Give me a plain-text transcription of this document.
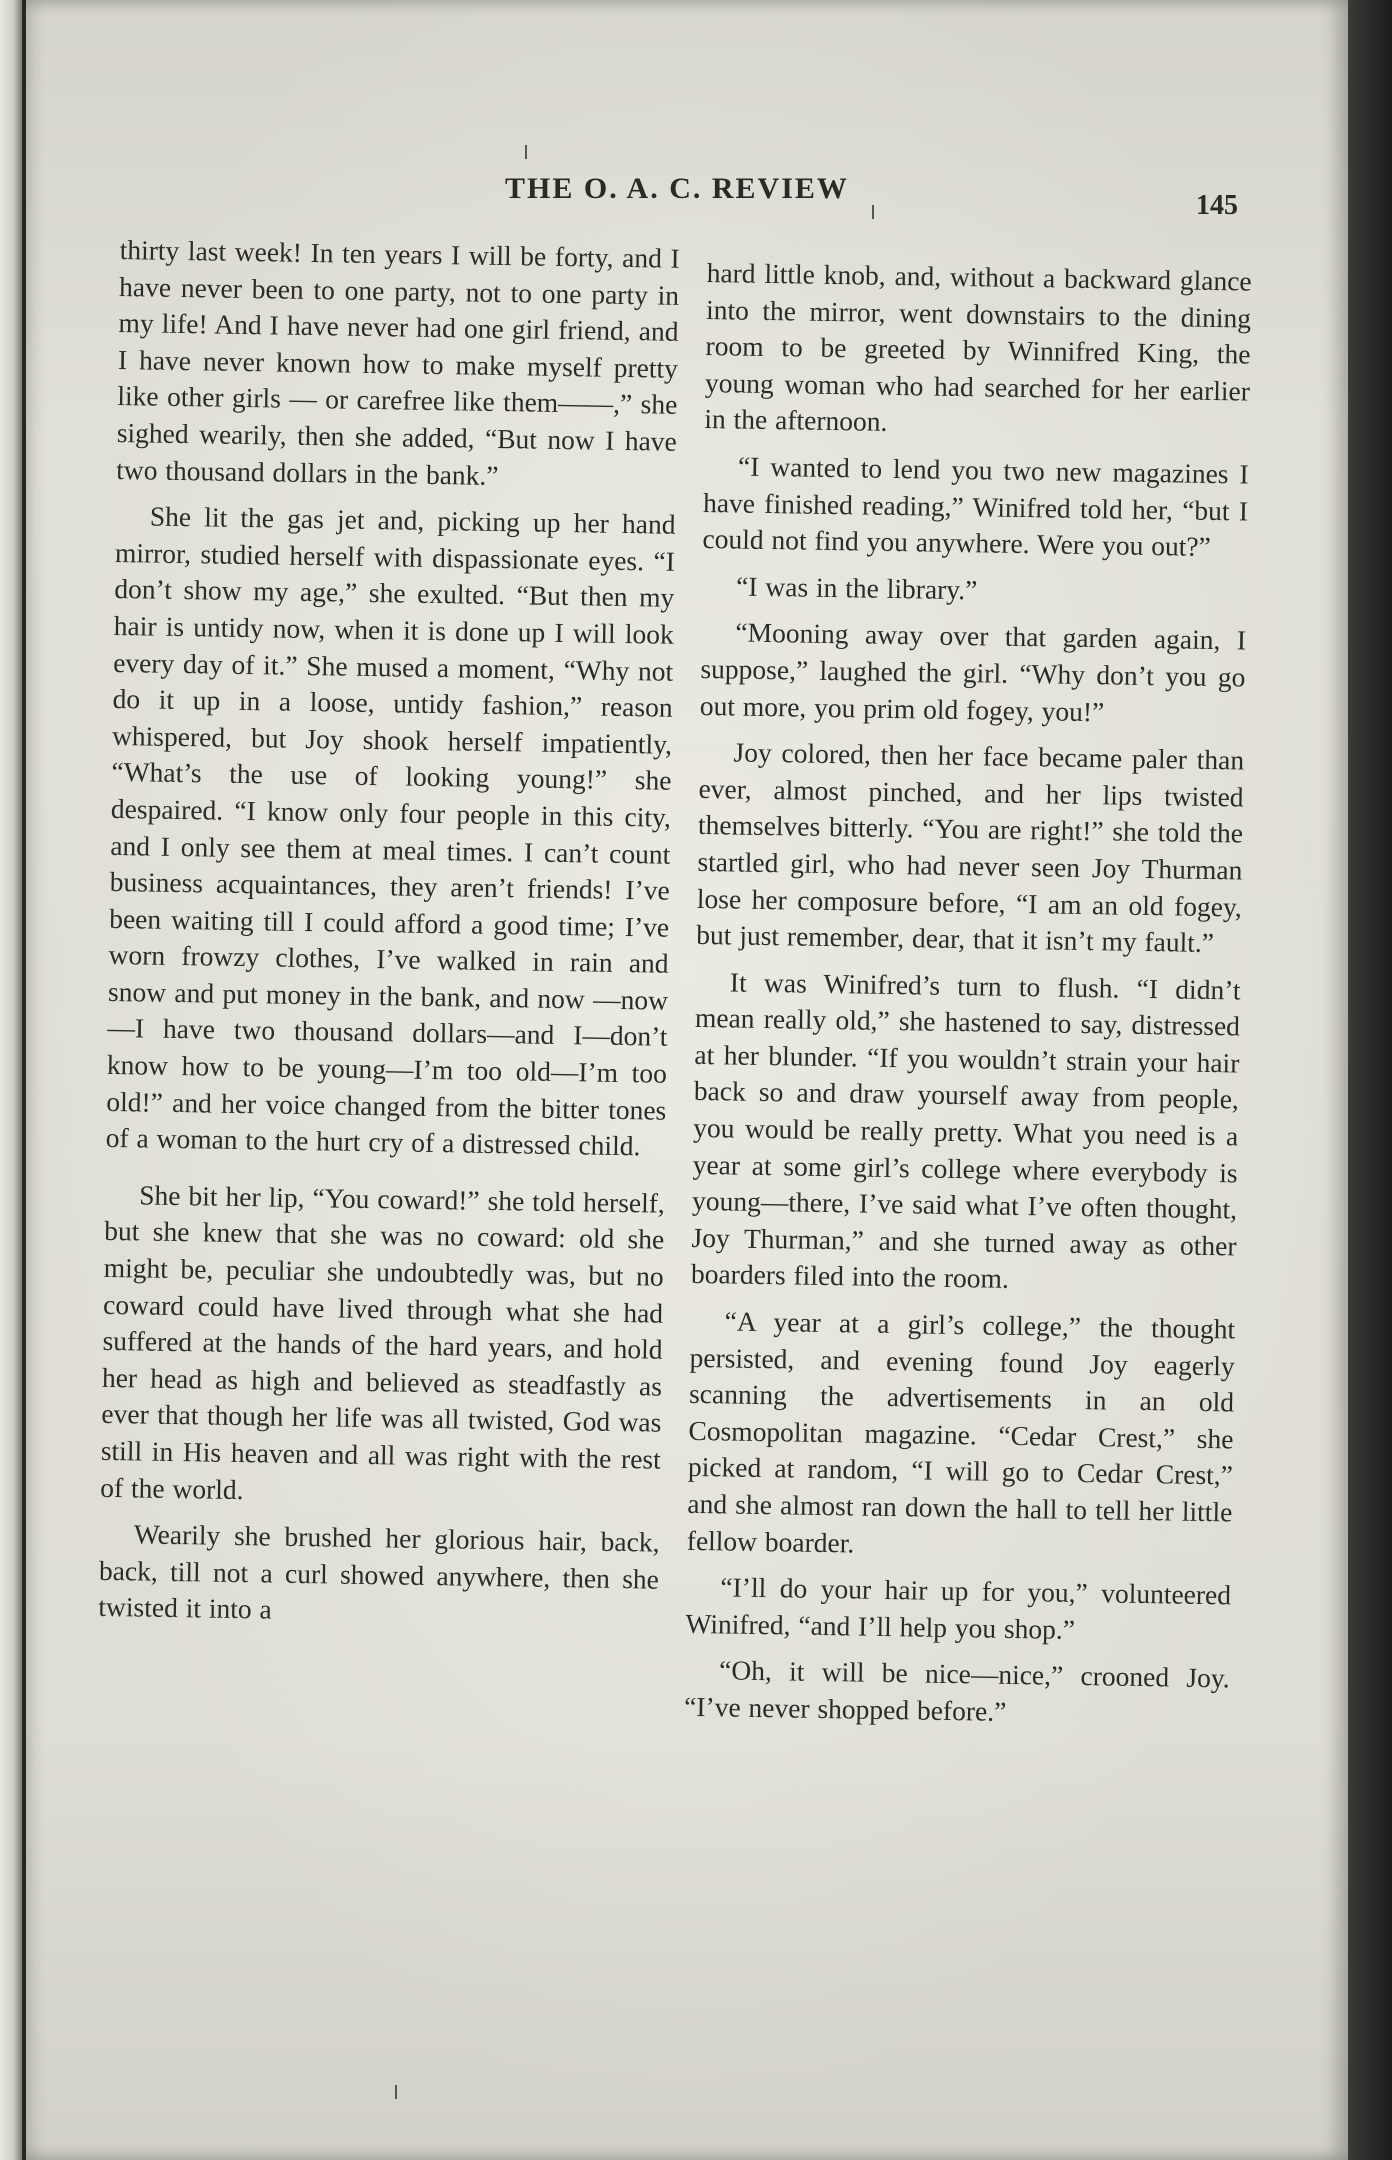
THE O. A. C. REVIEW
145

thirty last week! In ten years I will be forty, and I have never been to one party, not to one party in my life! And I have never had one girl friend, and I have never known how to make myself pretty like other girls — or carefree like them——,” she sighed wearily, then she added, “But now I have two thousand dollars in the bank.”

She lit the gas jet and, picking up her hand mirror, studied herself with dispassionate eyes. “I don’t show my age,” she exulted. “But then my hair is untidy now, when it is done up I will look every day of it.” She mused a moment, “Why not do it up in a loose, untidy fashion,” reason whispered, but Joy shook herself impatiently, “What’s the use of looking young!” she despaired. “I know only four people in this city, and I only see them at meal times. I can’t count business acquaintances, they aren’t friends! I’ve been waiting till I could afford a good time; I’ve worn frowzy clothes, I’ve walked in rain and snow and put money in the bank, and now —now—I have two thousand dollars—and I—don’t know how to be young—I’m too old—I’m too old!” and her voice changed from the bitter tones of a woman to the hurt cry of a distressed child.

She bit her lip, “You coward!” she told herself, but she knew that she was no coward: old she might be, peculiar she undoubtedly was, but no coward could have lived through what she had suffered at the hands of the hard years, and hold her head as high and believed as steadfastly as ever that though her life was all twisted, God was still in His heaven and all was right with the rest of the world.

Wearily she brushed her glorious hair, back, back, till not a curl showed anywhere, then she twisted it into a

hard little knob, and, without a backward glance into the mirror, went downstairs to the dining room to be greeted by Winnifred King, the young woman who had searched for her earlier in the afternoon.

“I wanted to lend you two new magazines I have finished reading,” Winifred told her, “but I could not find you anywhere. Were you out?”

“I was in the library.”

“Mooning away over that garden again, I suppose,” laughed the girl. “Why don’t you go out more, you prim old fogey, you!”

Joy colored, then her face became paler than ever, almost pinched, and her lips twisted themselves bitterly. “You are right!” she told the startled girl, who had never seen Joy Thurman lose her composure before, “I am an old fogey, but just remember, dear, that it isn’t my fault.”

It was Winifred’s turn to flush. “I didn’t mean really old,” she hastened to say, distressed at her blunder. “If you wouldn’t strain your hair back so and draw yourself away from people, you would be really pretty. What you need is a year at some girl’s college where everybody is young—there, I’ve said what I’ve often thought, Joy Thurman,” and she turned away as other boarders filed into the room.

“A year at a girl’s college,” the thought persisted, and evening found Joy eagerly scanning the advertisements in an old Cosmopolitan magazine. “Cedar Crest,” she picked at random, “I will go to Cedar Crest,” and she almost ran down the hall to tell her little fellow boarder.

“I’ll do your hair up for you,” volunteered Winifred, “and I’ll help you shop.”

“Oh, it will be nice—nice,” crooned Joy. “I’ve never shopped before.”
